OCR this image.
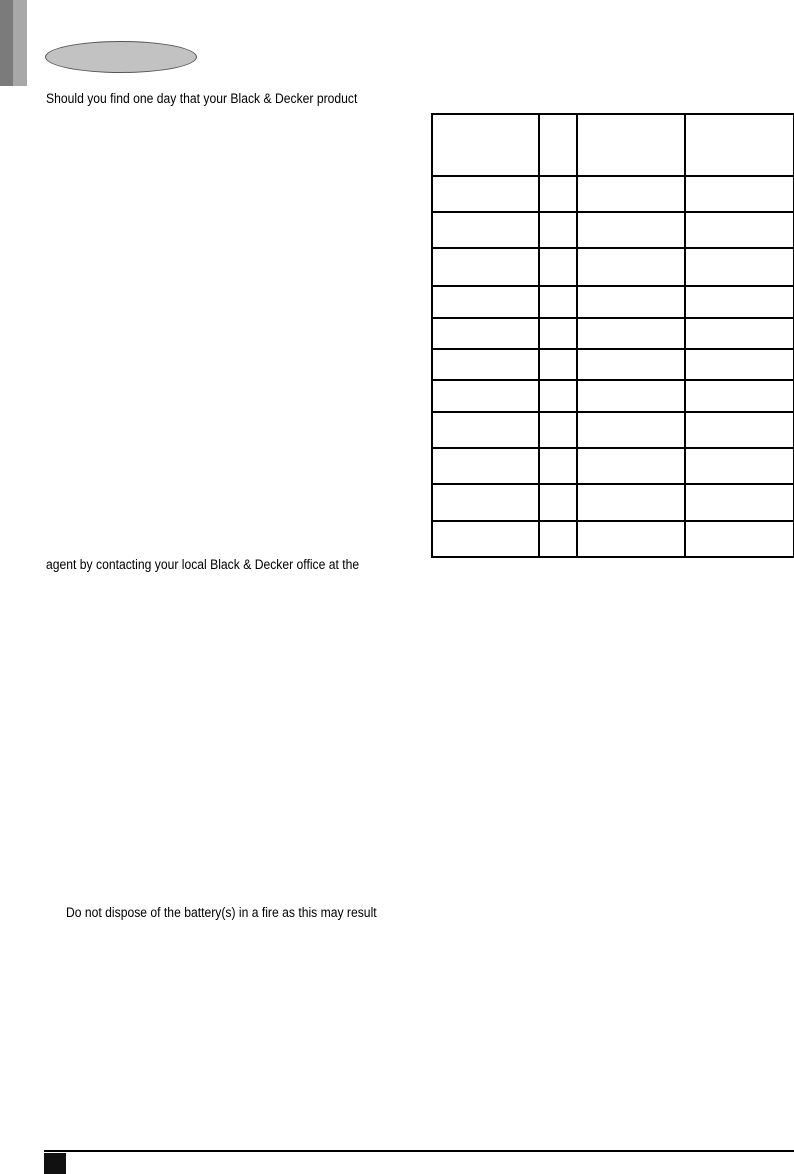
Should you find one day that your Black & Decker product

agent by contacting your local Black & Decker office at the
Do not dispose of the battery(s) in a fire as this may result
